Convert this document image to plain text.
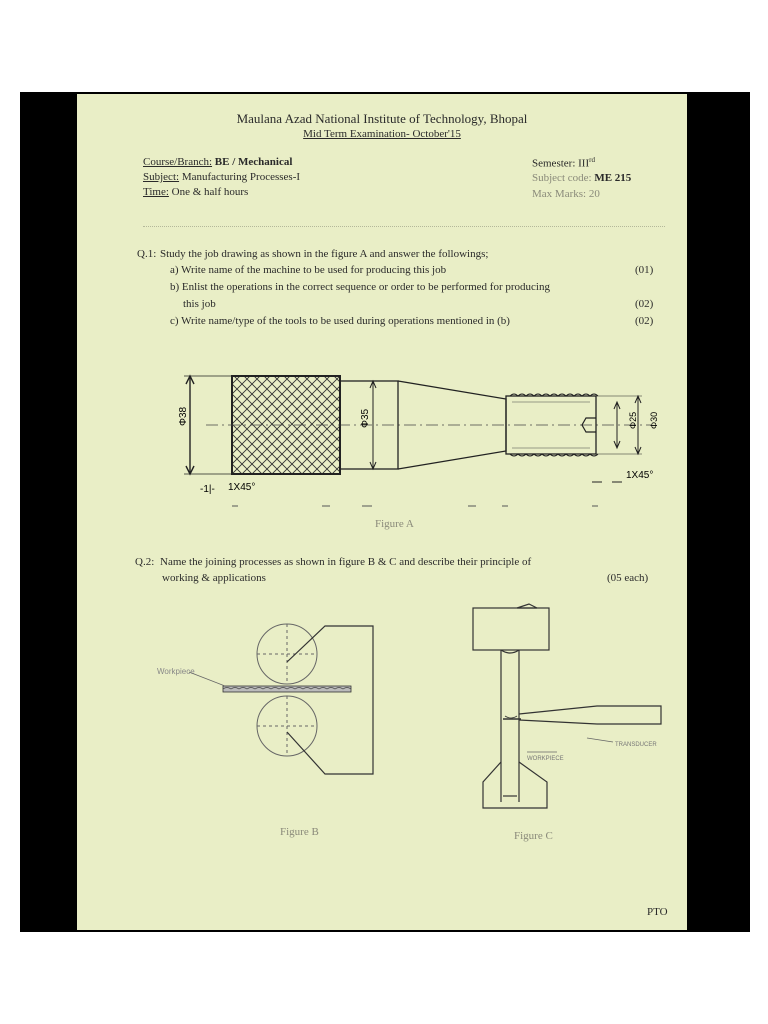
Maulana Azad National Institute of Technology, Bhopal
Mid Term Examination- October'15
Course/Branch: BE / Mechanical
Subject: Manufacturing Processes-I
Time: One & half hours
Semester: IIIrd
Subject code: ME 215
Max Marks: 20
Q.1: Study the job drawing as shown in the figure A and answer the followings;
a) Write name of the machine to be used for producing this job	(01)
b) Enlist the operations in the correct sequence or order to be performed for producing
this job	(02)
c) Write name/type of the tools to be used during operations mentioned in (b)	(02)
Φ38	Φ35	Φ25 Φ30
-1|- 1X45°
1X45°
Figure A
Q.2: Name the joining processes as shown in figure B & C and describe their principle of
working & applications	(05 each)
Workpiece
Figure B
WORKPIECE
TRANSDUCER
Figure C
PTO
